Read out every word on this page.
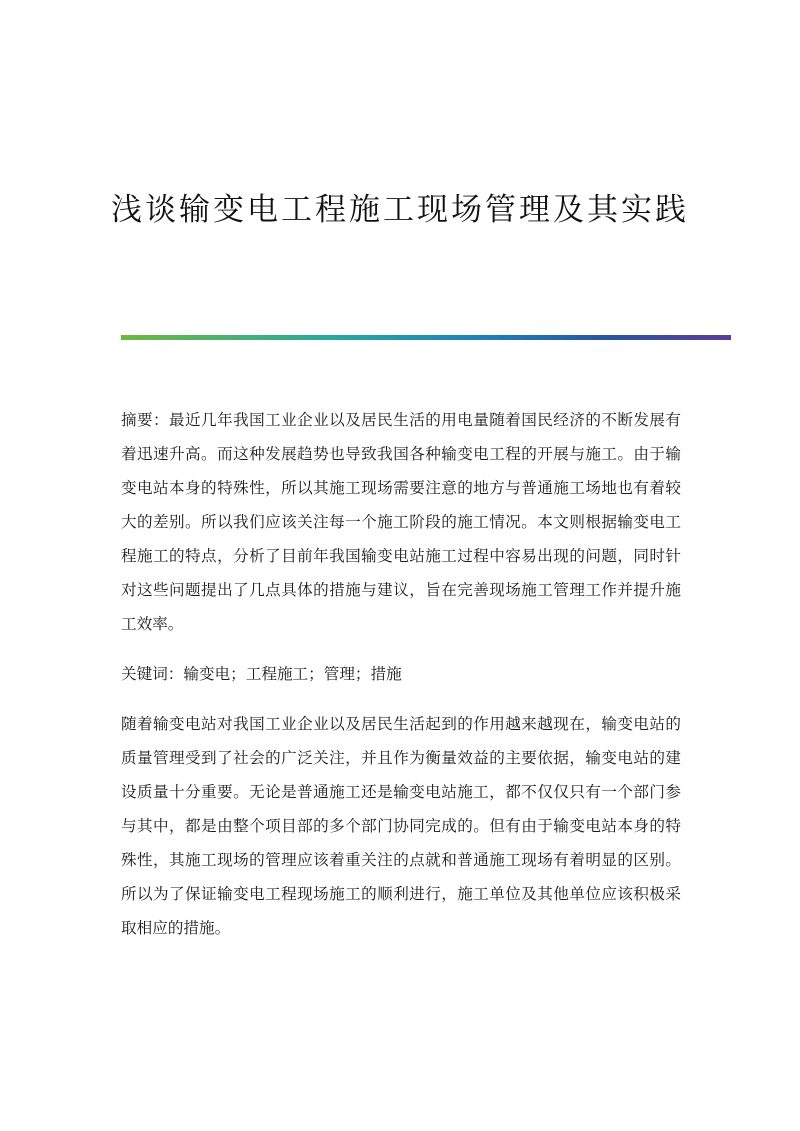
浅谈输变电工程施工现场管理及其实践

摘要：最近几年我国工业企业以及居民生活的用电量随着国民经济的不断发展有着迅速升高。而这种发展趋势也导致我国各种输变电工程的开展与施工。由于输变电站本身的特殊性，所以其施工现场需要注意的地方与普通施工场地也有着较大的差别。所以我们应该关注每一个施工阶段的施工情况。本文则根据输变电工程施工的特点，分析了目前年我国输变电站施工过程中容易出现的问题，同时针对这些问题提出了几点具体的措施与建议，旨在完善现场施工管理工作并提升施工效率。

关键词：输变电；工程施工；管理；措施

随着输变电站对我国工业企业以及居民生活起到的作用越来越现在，输变电站的质量管理受到了社会的广泛关注，并且作为衡量效益的主要依据，输变电站的建设质量十分重要。无论是普通施工还是输变电站施工，都不仅仅只有一个部门参与其中，都是由整个项目部的多个部门协同完成的。但有由于输变电站本身的特殊性，其施工现场的管理应该着重关注的点就和普通施工现场有着明显的区别。所以为了保证输变电工程现场施工的顺利进行，施工单位及其他单位应该积极采取相应的措施。
